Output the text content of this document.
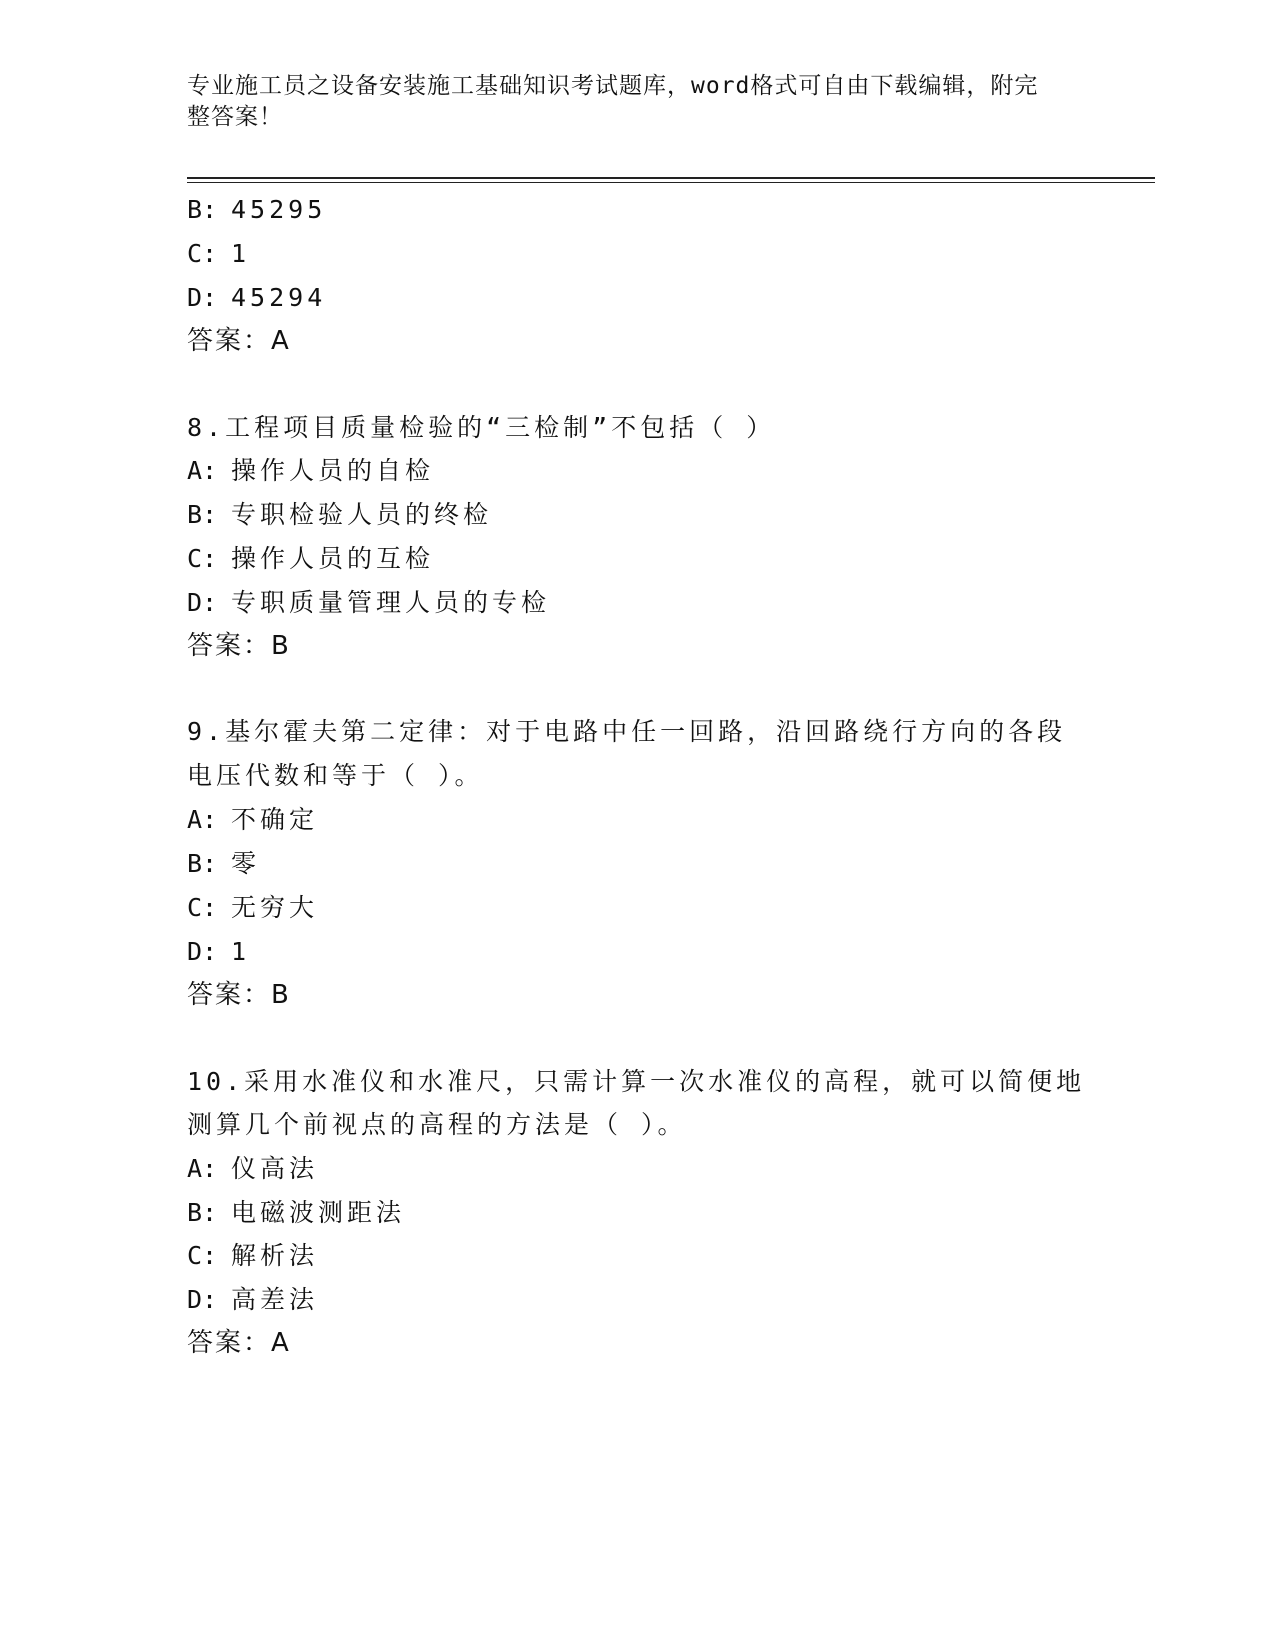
专业施工员之设备安装施工基础知识考试题库，word格式可自由下载编辑，附完
整答案！
B: 45295
C: 1
D: 45294
答案：A
8.工程项目质量检验的“三检制”不包括（ ）
A: 操作人员的自检
B: 专职检验人员的终检
C: 操作人员的互检
D: 专职质量管理人员的专检
答案：B
9.基尔霍夫第二定律：对于电路中任一回路，沿回路绕行方向的各段
电压代数和等于（ ）。
A: 不确定
B: 零
C: 无穷大
D: 1
答案：B
10.采用水准仪和水准尺，只需计算一次水准仪的高程，就可以简便地
测算几个前视点的高程的方法是（ ）。
A: 仪高法
B: 电磁波测距法
C: 解析法
D: 高差法
答案：A
